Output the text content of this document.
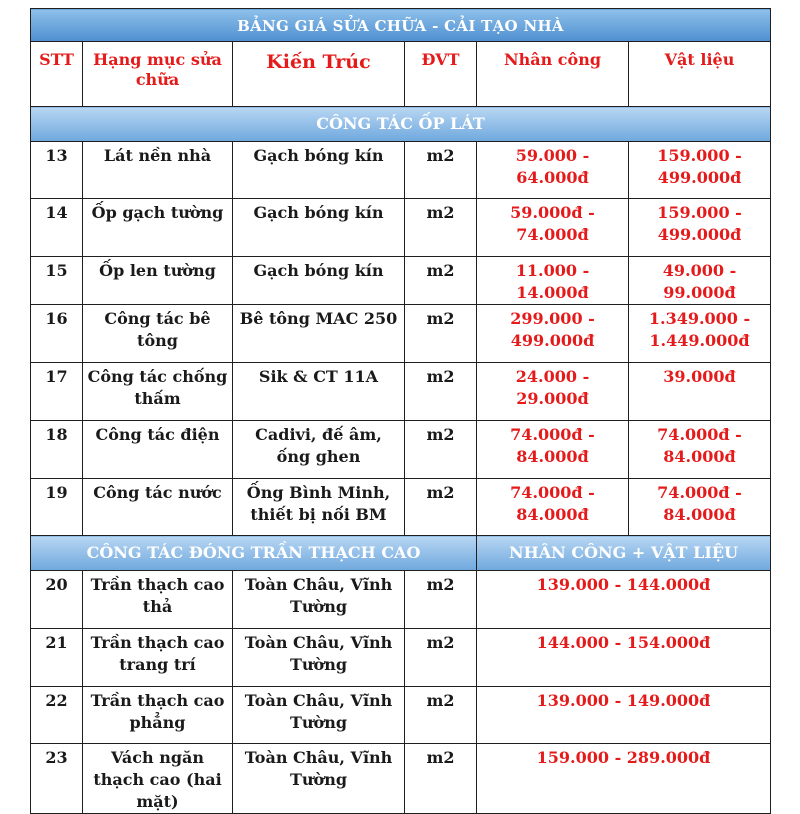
BẢNG GIÁ SỬA CHỮA - CẢI TẠO NHÀ					
STT	Hạng mục sửa chữa	Kiến Trúc	ĐVT	Nhân công	Vật liệu
CÔNG TÁC ỐP LÁT					
13	Lát nền nhà	Gạch bóng kín	m2	59.000 - 64.000đ	159.000 - 499.000đ
14	Ốp gạch tường	Gạch bóng kín	m2	59.000đ - 74.000đ	159.000 - 499.000đ
15	Ốp len tường	Gạch bóng kín	m2	11.000 - 14.000đ	49.000 - 99.000đ
16	Công tác bê tông	Bê tông MAC 250	m2	299.000 - 499.000đ	1.349.000 - 1.449.000đ
17	Công tác chống thấm	Sik & CT 11A	m2	24.000 - 29.000đ	39.000đ
18	Công tác điện	Cadivi, đế âm, ống ghen	m2	74.000đ - 84.000đ	74.000đ - 84.000đ
19	Công tác nước	Ống Bình Minh, thiết bị nối BM	m2	74.000đ - 84.000đ	74.000đ - 84.000đ
CÔNG TÁC ĐÓNG TRẦN THẠCH CAO				NHÂN CÔNG + VẬT LIỆU	
20	Trần thạch cao thả	Toàn Châu, Vĩnh Tường	m2	139.000 - 144.000đ	
21	Trần thạch cao trang trí	Toàn Châu, Vĩnh Tường	m2	144.000 - 154.000đ	
22	Trần thạch cao phẳng	Toàn Châu, Vĩnh Tường	m2	139.000 - 149.000đ	
23	Vách ngăn thạch cao (hai mặt)	Toàn Châu, Vĩnh Tường	m2	159.000 - 289.000đ	
